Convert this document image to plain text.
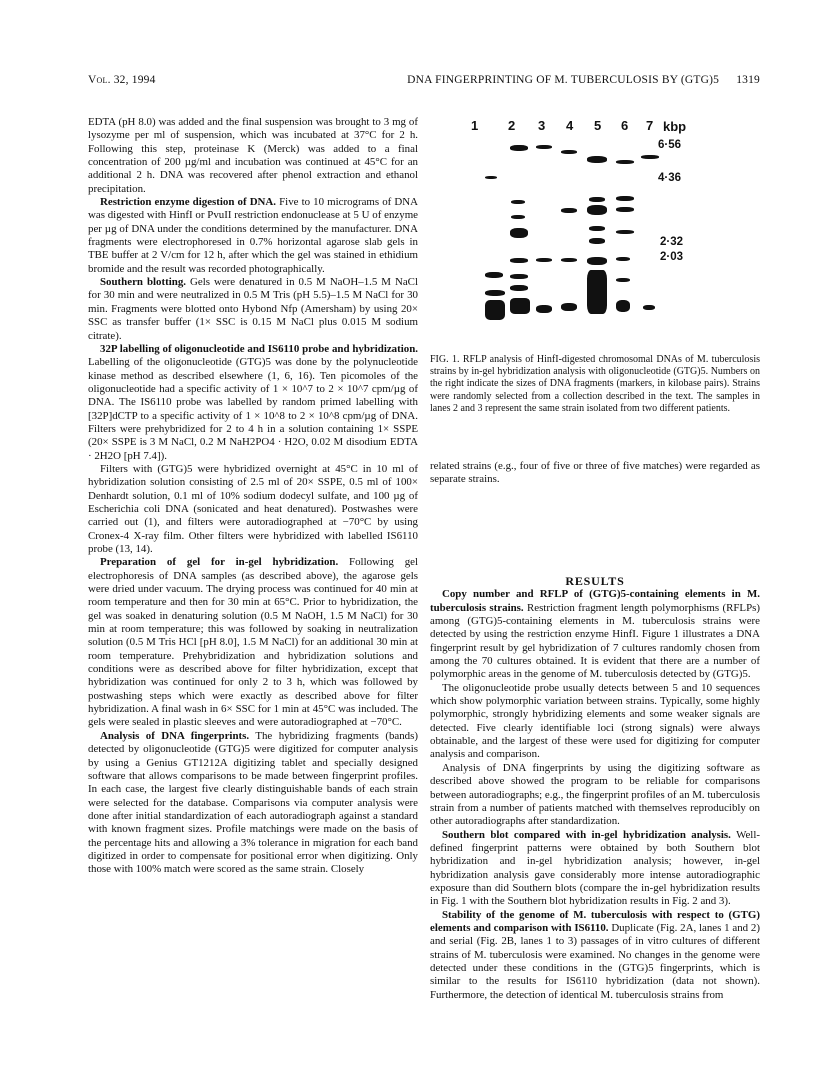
Vol. 32, 1994	DNA FINGERPRINTING OF M. TUBERCULOSIS BY (GTG)5 1319

EDTA (pH 8.0) was added and the final suspension was brought to 3 mg of lysozyme per ml of suspension, which was incubated at 37°C for 2 h. Following this step, proteinase K (Merck) was added to a final concentration of 200 µg/ml and incubation was continued at 45°C for an additional 2 h. DNA was recovered after phenol extraction and ethanol precipitation.

Restriction enzyme digestion of DNA. Five to 10 micrograms of DNA was digested with HinfI or PvuII restriction endonuclease at 5 U of enzyme per µg of DNA under the conditions determined by the manufacturer. DNA fragments were electrophoresed in 0.7% horizontal agarose slab gels in TBE buffer at 2 V/cm for 12 h, after which the gel was stained in ethidium bromide and the result was recorded photographically.

Southern blotting. Gels were denatured in 0.5 M NaOH–1.5 M NaCl for 30 min and were neutralized in 0.5 M Tris (pH 5.5)–1.5 M NaCl for 30 min. Fragments were blotted onto Hybond Nfp (Amersham) by using 20× SSC as transfer buffer (1× SSC is 0.15 M NaCl plus 0.015 M sodium citrate).

32P labelling of oligonucleotide and IS6110 probe and hybridization. Labelling of the oligonucleotide (GTG)5 was done by the polynucleotide kinase method as described elsewhere (1, 6, 16). Ten picomoles of the oligonucleotide had a specific activity of 1 × 10^7 to 2 × 10^7 cpm/µg of DNA. The IS6110 probe was labelled by random primed labelling with [32P]dCTP to a specific activity of 1 × 10^8 to 2 × 10^8 cpm/µg of DNA. Filters were prehybridized for 2 to 4 h in a solution containing 1× SSPE (20× SSPE is 3 M NaCl, 0.2 M NaH2PO4 · H2O, 0.02 M disodium EDTA · 2H2O [pH 7.4]).

Filters with (GTG)5 were hybridized overnight at 45°C in 10 ml of hybridization solution consisting of 2.5 ml of 20× SSPE, 0.5 ml of 100× Denhardt solution, 0.1 ml of 10% sodium dodecyl sulfate, and 100 µg of Escherichia coli DNA (sonicated and heat denatured). Postwashes were carried out (1), and filters were autoradiographed at −70°C by using Cronex-4 X-ray film. Other filters were hybridized with labelled IS6110 probe (13, 14).

Preparation of gel for in-gel hybridization. Following gel electrophoresis of DNA samples (as described above), the agarose gels were dried under vacuum. The drying process was continued for 40 min at room temperature and then for 30 min at 65°C. Prior to hybridization, the gel was soaked in denaturing solution (0.5 M NaOH, 1.5 M NaCl) for 30 min at room temperature; this was followed by soaking in neutralization solution (0.5 M Tris HCl [pH 8.0], 1.5 M NaCl) for an additional 30 min at room temperature. Prehybridization and hybridization solutions and conditions were as described above for filter hybridization, except that hybridization was continued for only 2 to 3 h, which was followed by postwashing steps which were exactly as described above for filter hybridization. A final wash in 6× SSC for 1 min at 45°C was included. The gels were sealed in plastic sleeves and were autoradiographed at −70°C.

Analysis of DNA fingerprints. The hybridizing fragments (bands) detected by oligonucleotide (GTG)5 were digitized for computer analysis by using a Genius GT1212A digitizing tablet and specially designed software that allows comparisons to be made between fingerprint profiles. In each case, the largest five clearly distinguishable bands of each strain were selected for the database. Comparisons via computer analysis were done after initial standardization of each autoradiograph against a standard with known fragment sizes. Profile matchings were made on the basis of the percentage hits and allowing a 3% tolerance in migration for each band digitized in order to compensate for positional error when digitizing. Only those with 100% match were scored as the same strain. Closely

1 2 3 4 5 6 7 kbp
6·56
4·36
2·32
2·03
FIG. 1. RFLP analysis of HinfI-digested chromosomal DNAs of M. tuberculosis strains by in-gel hybridization analysis with oligonucleotide (GTG)5. Numbers on the right indicate the sizes of DNA fragments (markers, in kilobase pairs). Strains were randomly selected from a collection described in the text. The samples in lanes 2 and 3 represent the same strain isolated from two different patients.
related strains (e.g., four of five or three of five matches) were regarded as separate strains.

RESULTS

Copy number and RFLP of (GTG)5-containing elements in M. tuberculosis strains. Restriction fragment length polymorphisms (RFLPs) among (GTG)5-containing elements in M. tuberculosis strains were detected by using the restriction enzyme HinfI. Figure 1 illustrates a DNA fingerprint result by gel hybridization of 7 cultures randomly chosen from among the 70 cultures obtained. It is evident that there are a number of polymorphic areas in the genome of M. tuberculosis detected by (GTG)5.

The oligonucleotide probe usually detects between 5 and 10 sequences which show polymorphic variation between strains. Typically, some highly polymorphic, strongly hybridizing elements and some weaker signals are detected. Five clearly identifiable loci (strong signals) were always obtainable, and the largest of these were used for digitizing for computer analysis and comparison.

Analysis of DNA fingerprints by using the digitizing software as described above showed the program to be reliable for comparisons between autoradiographs; e.g., the fingerprint profiles of an M. tuberculosis strain from a number of patients matched with themselves reproducibly on other autoradiographs after standardization.

Southern blot compared with in-gel hybridization analysis. Well-defined fingerprint patterns were obtained by both Southern blot hybridization and in-gel hybridization analysis; however, in-gel hybridization analysis gave considerably more intense autoradiographic exposure than did Southern blots (compare the in-gel hybridization results in Fig. 1 with the Southern blot hybridization results in Fig. 2 and 3).

Stability of the genome of M. tuberculosis with respect to (GTG) elements and comparison with IS6110. Duplicate (Fig. 2A, lanes 1 and 2) and serial (Fig. 2B, lanes 1 to 3) passages of in vitro cultures of different strains of M. tuberculosis were examined. No changes in the genome were detected under these conditions in the (GTG)5 fingerprints, which is similar to the results for IS6110 hybridization (data not shown). Furthermore, the detection of identical M. tuberculosis strains from
